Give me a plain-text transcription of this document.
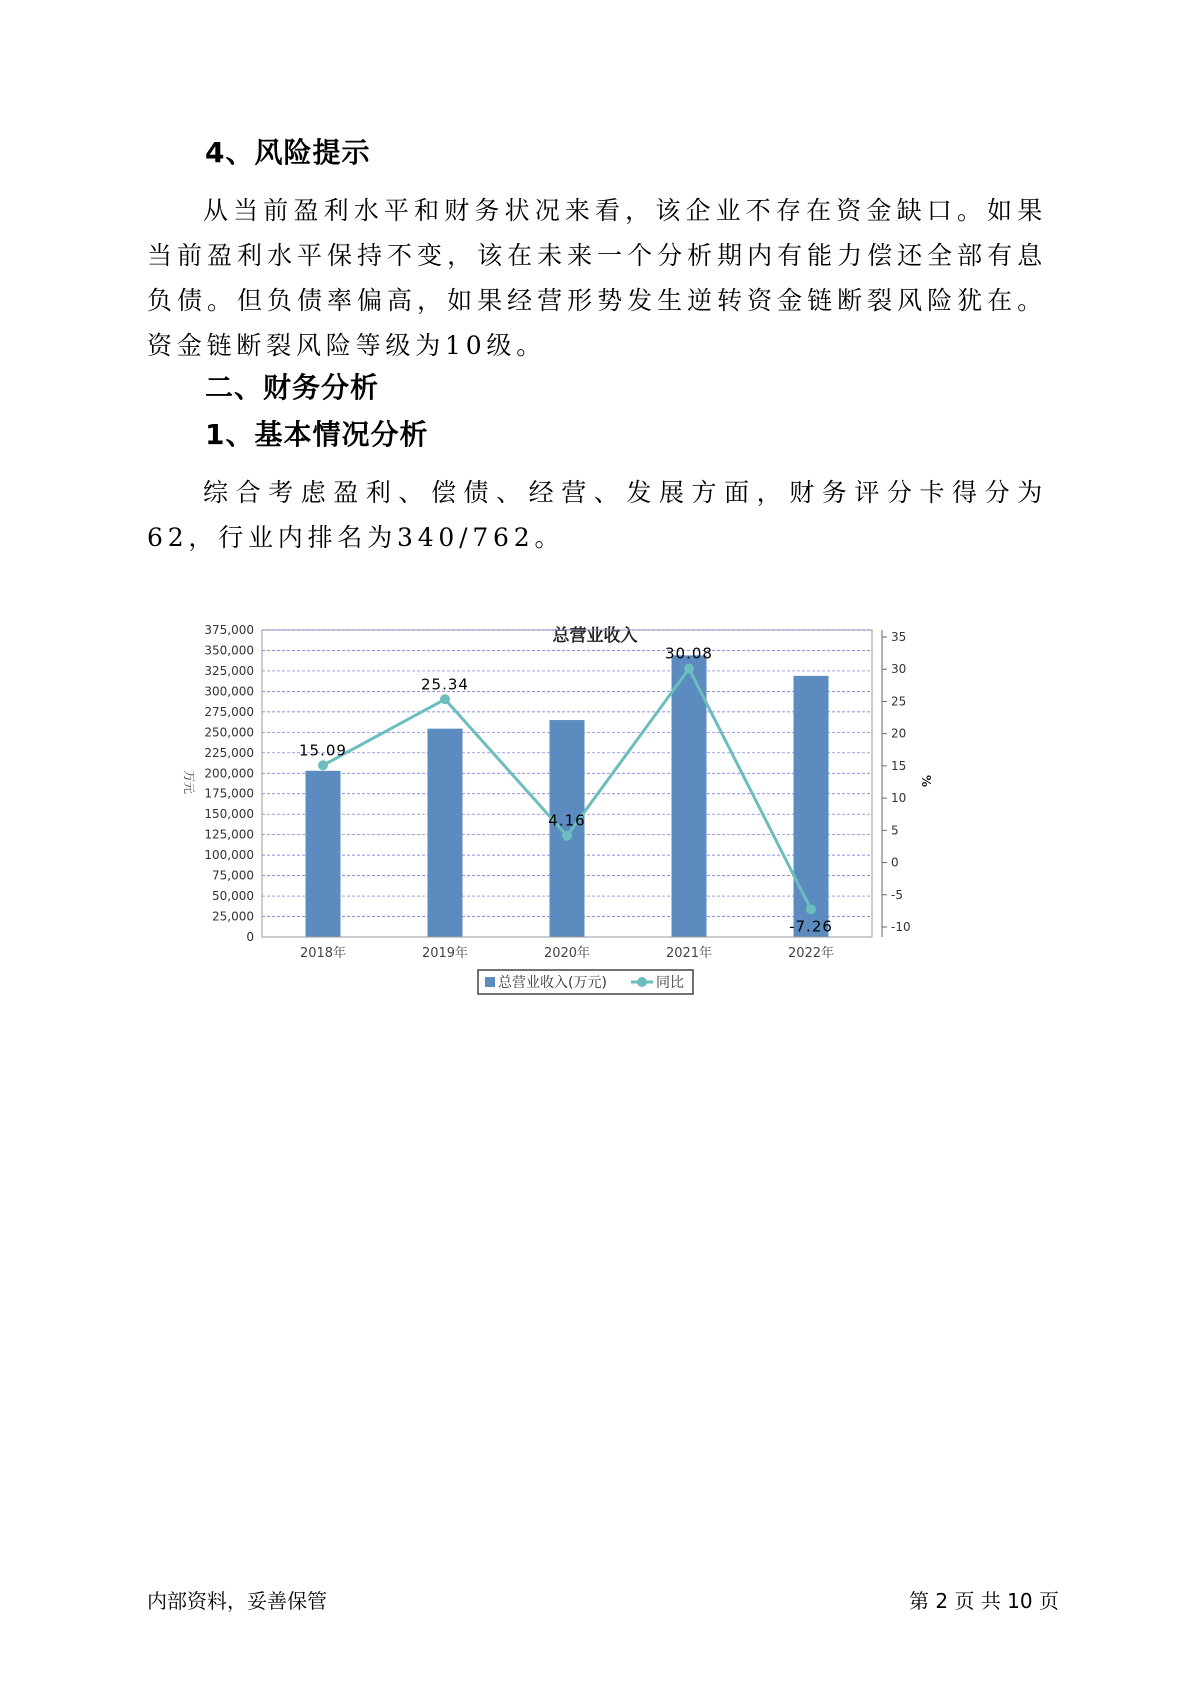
4、风险提示

从当前盈利水平和财务状况来看，该企业不存在资金缺口。如果当前盈利水平保持不变，该在未来一个分析期内有能力偿还全部有息负债。但负债率偏高，如果经营形势发生逆转资金链断裂风险犹在。资金链断裂风险等级为10级。

二、财务分析
1、基本情况分析

综合考虑盈利、偿债、经营、发展方面，财务评分卡得分为62，行业内排名为340/762。

总营业收入
0
25,000
50,000
75,000
100,000
125,000
150,000
175,000
200,000
225,000
250,000
275,000
300,000
325,000
350,000
375,000
-10
-5
0
5
10
15
20
25
30
35
15.09
25.34
4.16
30.08
-7.26
2018年	2019年	2020年	2021年	2022年
万元	%
总营业收入(万元)	同比
内部资料，妥善保管	第 2 页 共 10 页
